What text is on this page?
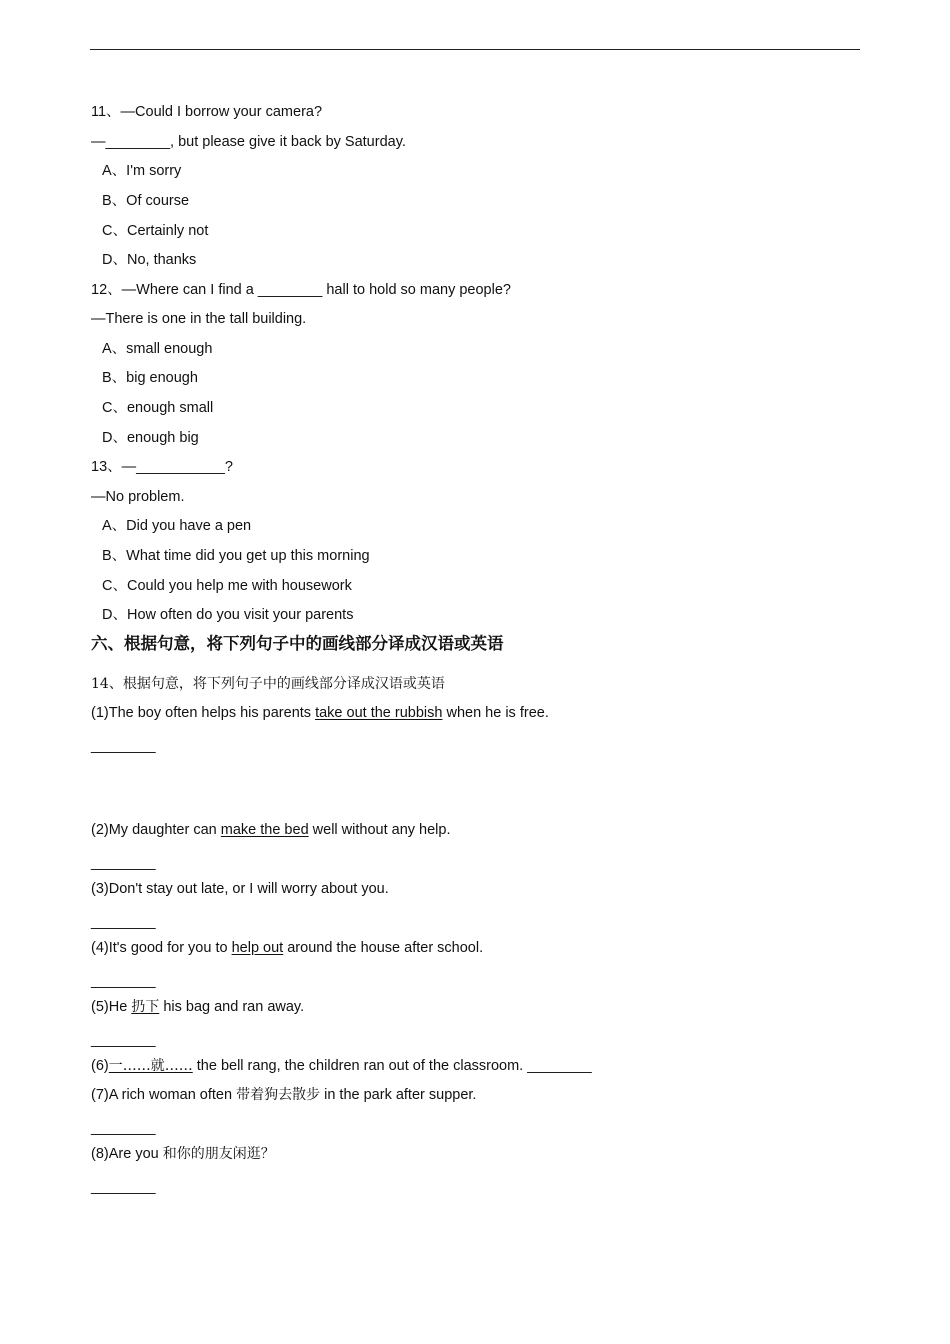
11、—Could I borrow your camera?
—________, but please give it back by Saturday.
A、I'm sorry
B、Of course
C、Certainly not
D、No, thanks
12、—Where can I find a ________ hall to hold so many people?
—There is one in the tall building.
A、small enough
B、big enough
C、enough small
D、enough big
13、—___________?
—No problem.
A、Did you have a pen
B、What time did you get up this morning
C、Could you help me with housework
D、How often do you visit your parents
六、根据句意，将下列句子中的画线部分译成汉语或英语
14、根据句意，将下列句子中的画线部分译成汉语或英语
(1)The boy often helps his parents take out the rubbish when he is free.
________
(2)My daughter can make the bed well without any help.
________
(3)Don't stay out late, or I will worry about you.
________
(4)It's good for you to help out around the house after school.
________
(5)He 扔下 his bag and ran away.
________
(6)一……就…… the bell rang, the children ran out of the classroom. ________
(7)A rich woman often 带着狗去散步 in the park after supper.
________
(8)Are you 和你的朋友闲逛？
________
